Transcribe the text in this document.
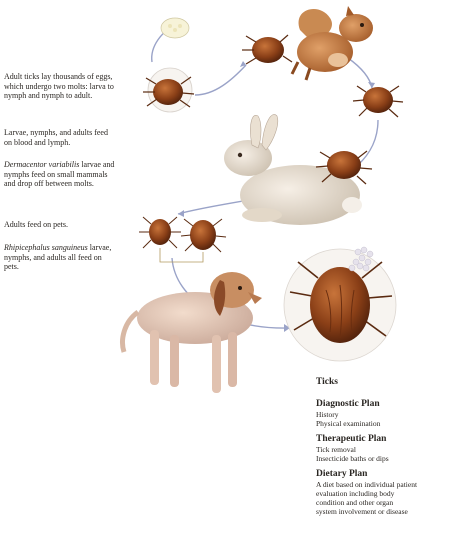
Adult ticks lay thousands of eggs, which undergo two molts: larva to nymph and nymph to adult.

Larvae, nymphs, and adults feed on blood and lymph.

Dermacentor variabilis larvae and nymphs feed on small mammals and drop off between molts.

Adults feed on pets.

Rhipicephalus sanguineus larvae, nymphs, and adults all feed on pets.

Ticks
Diagnostic Plan

History

Physical examination

Therapeutic Plan

Tick removal

Insecticide baths or dips

Dietary Plan

A diet based on individual patient

evaluation including body

condition and other organ

system involvement or disease
